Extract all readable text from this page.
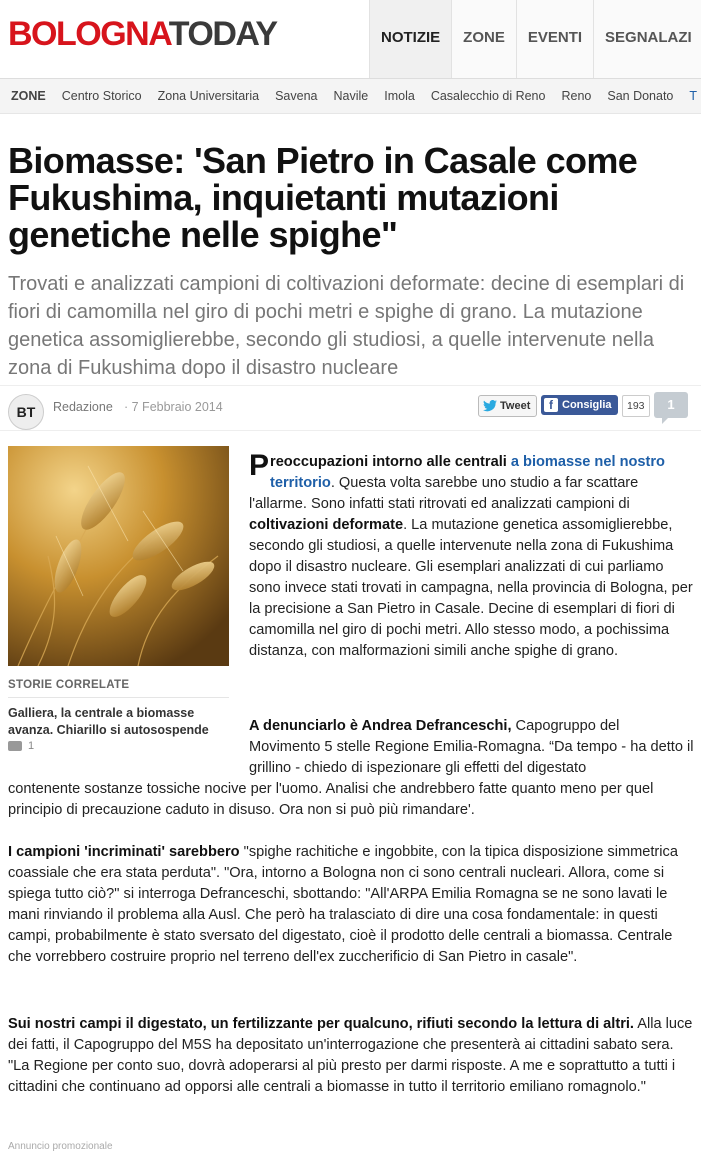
BOLOGNATODAY	NOTIZIE	ZONE	EVENTI	SEGNALAZI
ZONE Centro Storico Zona Universitaria Savena Navile Imola Casalecchio di Reno Reno San Donato T
Biomasse: 'San Pietro in Casale come Fukushima, inquietanti mutazioni genetiche nelle spighe"

Trovati e analizzati campioni di coltivazioni deformate: decine di esemplari di fiori di camomilla nel giro di pochi metri e spighe di grano. La mutazione genetica assomiglierebbe, secondo gli studiosi, a quelle intervenute nella zona di Fukushima dopo il disastro nucleare

BT	Redazione · 7 Febbraio 2014	Tweet	f Consiglia	193	1
STORIE CORRELATE
Galliera, la centrale a biomasse avanza. Chiarillo si autosospende
1
Preoccupazioni intorno alle centrali a biomasse nel nostro territorio. Questa volta sarebbe uno studio a far scattare l'allarme. Sono infatti stati ritrovati ed analizzati campioni di coltivazioni deformate. La mutazione genetica assomiglierebbe, secondo gli studiosi, a quelle intervenute nella zona di Fukushima dopo il disastro nucleare. Gli esemplari analizzati di cui parliamo sono invece stati trovati in campagna, nella provincia di Bologna, per la precisione a San Pietro in Casale. Decine di esemplari di fiori di camomilla nel giro di pochi metri. Allo stesso modo, a pochissima distanza, con malformazioni simili anche spighe di grano.
A denunciarlo è Andrea Defranceschi, Capogruppo del Movimento 5 stelle Regione Emilia-Romagna. “Da tempo - ha detto il grillino - chiedo di ispezionare gli effetti del digestato
contenente sostanze tossiche nocive per l'uomo. Analisi che andrebbero fatte quanto meno per quel principio di precauzione caduto in disuso. Ora non si può più rimandare'.
I campioni 'incriminati' sarebbero "spighe rachitiche e ingobbite, con la tipica disposizione simmetrica coassiale che era stata perduta". "Ora, intorno a Bologna non ci sono centrali nucleari. Allora, come si spiega tutto ciò?" si interroga Defranceschi, sbottando: "All'ARPA Emilia Romagna se ne sono lavati le mani rinviando il problema alla Ausl. Che però ha tralasciato di dire una cosa fondamentale: in questi campi, probabilmente è stato sversato del digestato, cioè il prodotto delle centrali a biomassa. Centrale che vorrebbero costruire proprio nel terreno dell'ex zuccherificio di San Pietro in casale".
Sui nostri campi il digestato, un fertilizzante per qualcuno, rifiuti secondo la lettura di altri. Alla luce dei fatti, il Capogruppo del M5S ha depositato un'interrogazione che presenterà ai cittadini sabato sera. "La Regione per conto suo, dovrà adoperarsi al più presto per darmi risposte. A me e soprattutto a tutti i cittadini che continuano ad opporsi alle centrali a biomasse in tutto il territorio emiliano romagnolo."
Annuncio promozionale
